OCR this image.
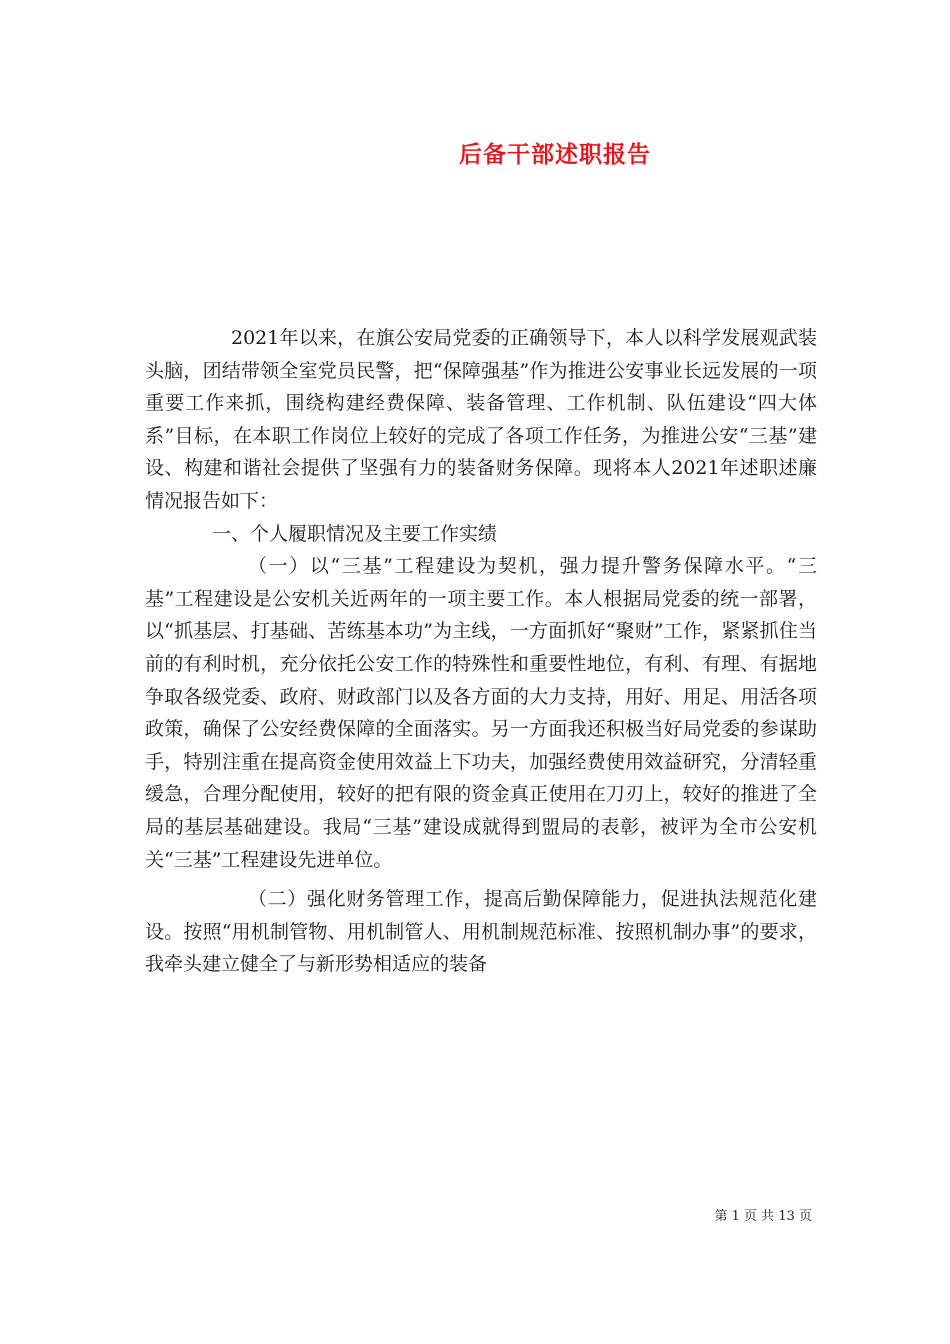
后备干部述职报告

2021年以来，在旗公安局党委的正确领导下，本人以科学发展观武装头脑，团结带领全室党员民警，把“保障强基”作为推进公安事业长远发展的一项重要工作来抓，围绕构建经费保障、装备管理、工作机制、队伍建设“四大体系”目标，在本职工作岗位上较好的完成了各项工作任务，为推进公安“三基”建设、构建和谐社会提供了坚强有力的装备财务保障。现将本人2021年述职述廉情况报告如下：

一、个人履职情况及主要工作实绩

（一）以“三基”工程建设为契机，强力提升警务保障水平。“三基”工程建设是公安机关近两年的一项主要工作。本人根据局党委的统一部署，以“抓基层、打基础、苦练基本功”为主线，一方面抓好“聚财”工作，紧紧抓住当前的有利时机，充分依托公安工作的特殊性和重要性地位，有利、有理、有据地争取各级党委、政府、财政部门以及各方面的大力支持，用好、用足、用活各项政策，确保了公安经费保障的全面落实。另一方面我还积极当好局党委的参谋助手，特别注重在提高资金使用效益上下功夫，加强经费使用效益研究，分清轻重缓急，合理分配使用，较好的把有限的资金真正使用在刀刃上，较好的推进了全局的基层基础建设。我局“三基”建设成就得到盟局的表彰，被评为全市公安机关“三基”工程建设先进单位。

（二）强化财务管理工作，提高后勤保障能力，促进执法规范化建设。按照“用机制管物、用机制管人、用机制规范标准、按照机制办事”的要求，我牵头建立健全了与新形势相适应的装备

第 1 页 共 13 页
